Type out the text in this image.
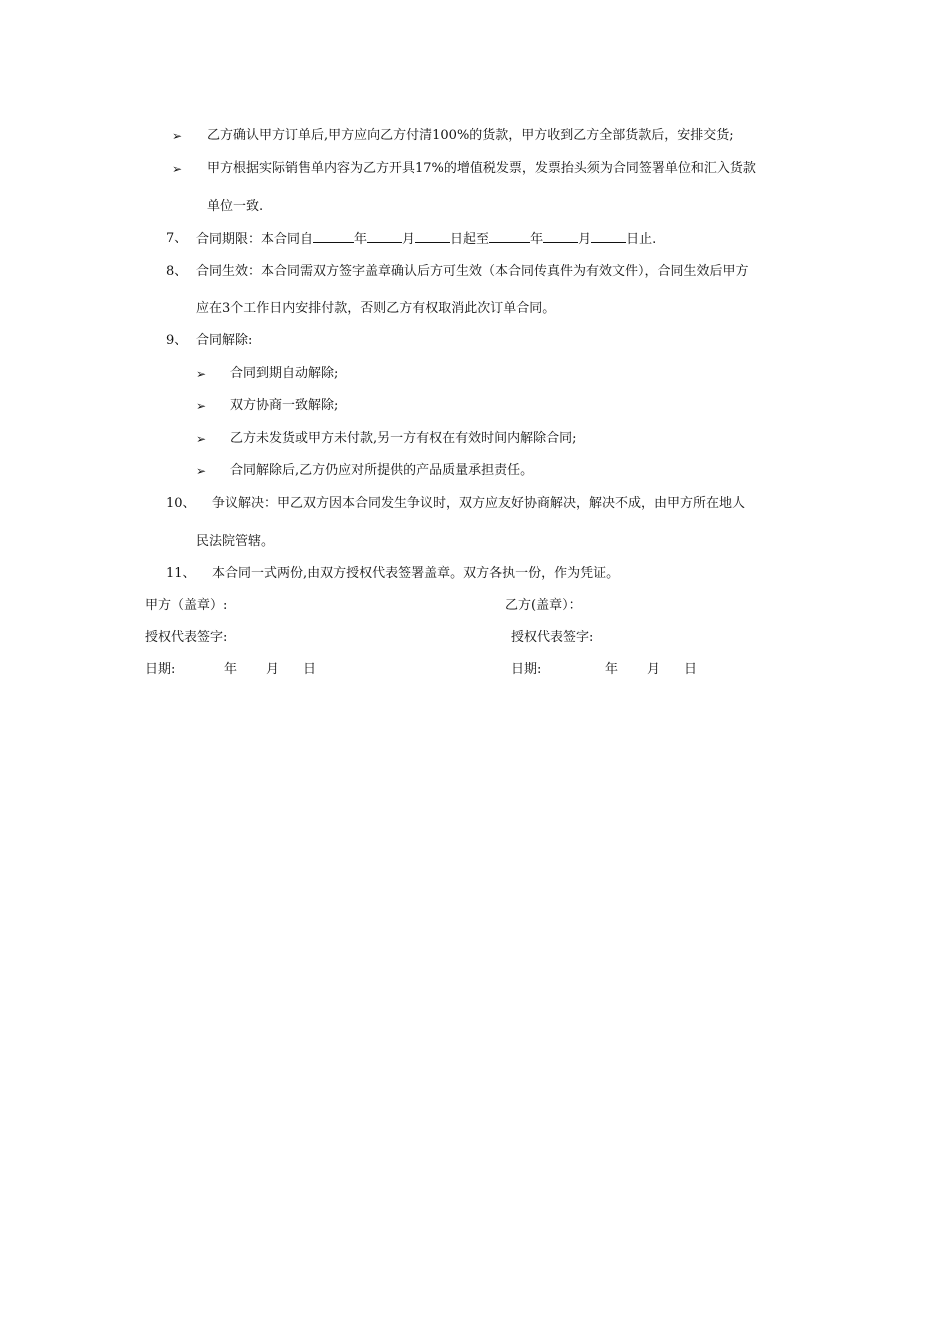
➢ 乙方确认甲方订单后,甲方应向乙方付清100%的货款，甲方收到乙方全部货款后，安排交货;
➢ 甲方根据实际销售单内容为乙方开具17%的增值税发票，发票抬头须为合同签署单位和汇入货款
单位一致.
7、 合同期限：本合同自	年	月	日起至	年	月	日止.
8、 合同生效：本合同需双方签字盖章确认后方可生效（本合同传真件为有效文件），合同生效后甲方
应在3个工作日内安排付款，否则乙方有权取消此次订单合同。
9、 合同解除:
➢ 合同到期自动解除;
➢ 双方协商一致解除;
➢ 乙方未发货或甲方未付款,另一方有权在有效时间内解除合同;
➢ 合同解除后,乙方仍应对所提供的产品质量承担责任。
10、 争议解决：甲乙双方因本合同发生争议时，双方应友好协商解决，解决不成，由甲方所在地人
民法院管辖。
11、 本合同一式两份,由双方授权代表签署盖章。双方各执一份，作为凭证。
甲方（盖章）:	乙方(盖章）：
授权代表签字:	授权代表签字:
日期:	年 月 日	日期:	年 月 日
